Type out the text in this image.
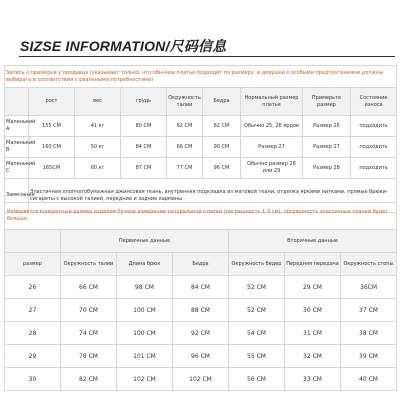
SIZSE INFORMATION/尺码信息
Запись о примерке у продавца (указывает только, что обычное платье подходит по размеру, и девушки с особыми предпочтениями должны выбирать в соответствии с реальными потребностями)								
	рост	вес	грудь	Окружность талии	Бедра	Нормальный размер платья	Примерьте размер	Состояние износа
Маленький А	155 CM	41 кг	80 CM	62 CM	82 CM	Обычно 25, 26 ярдов	Размер 26	подходить
Маленький В	160 CM	50 кг	84 CM	66 CM	90 CM	Размер 27	Размер 27	подходить
Маленький С	165CM	60 кг	87 CM	77 CM	96 CM	Обычно размер 28 или 29	Размер 28	подходить
Замечания	Эластичная хлопчатобумажная джинсовая ткань, внутренняя подкладка из матовой ткани, отделка яркими нитками, прямые брюки-сигареты с высокой талией, передние и задние карманы							
Измеряется конкретный размер изделия:Ручное измерение натуральной плитки (погрешность 1-3 см), погрешность эластичных тканей будет больше.						
	Первичные данные			Вторичные данные		
размер	Окружность талии	Длина брюк	Бедра	Окружность бедер	Передняя передача	Окружность стопы
26	66 CM	98 CM	84 CM	52 CM	29 CM	36CM
27	70 CM	100 CM	88 CM	52 CM	30 CM	37 CM
28	74 CM	100 CM	92 CM	54 CM	31 CM	38 CM
29	78 CM	101 CM	96 CM	55 CM	32 CM	39 CM
30	82 CM	102 CM	102 CM	56 CM	33 CM	40 CM
